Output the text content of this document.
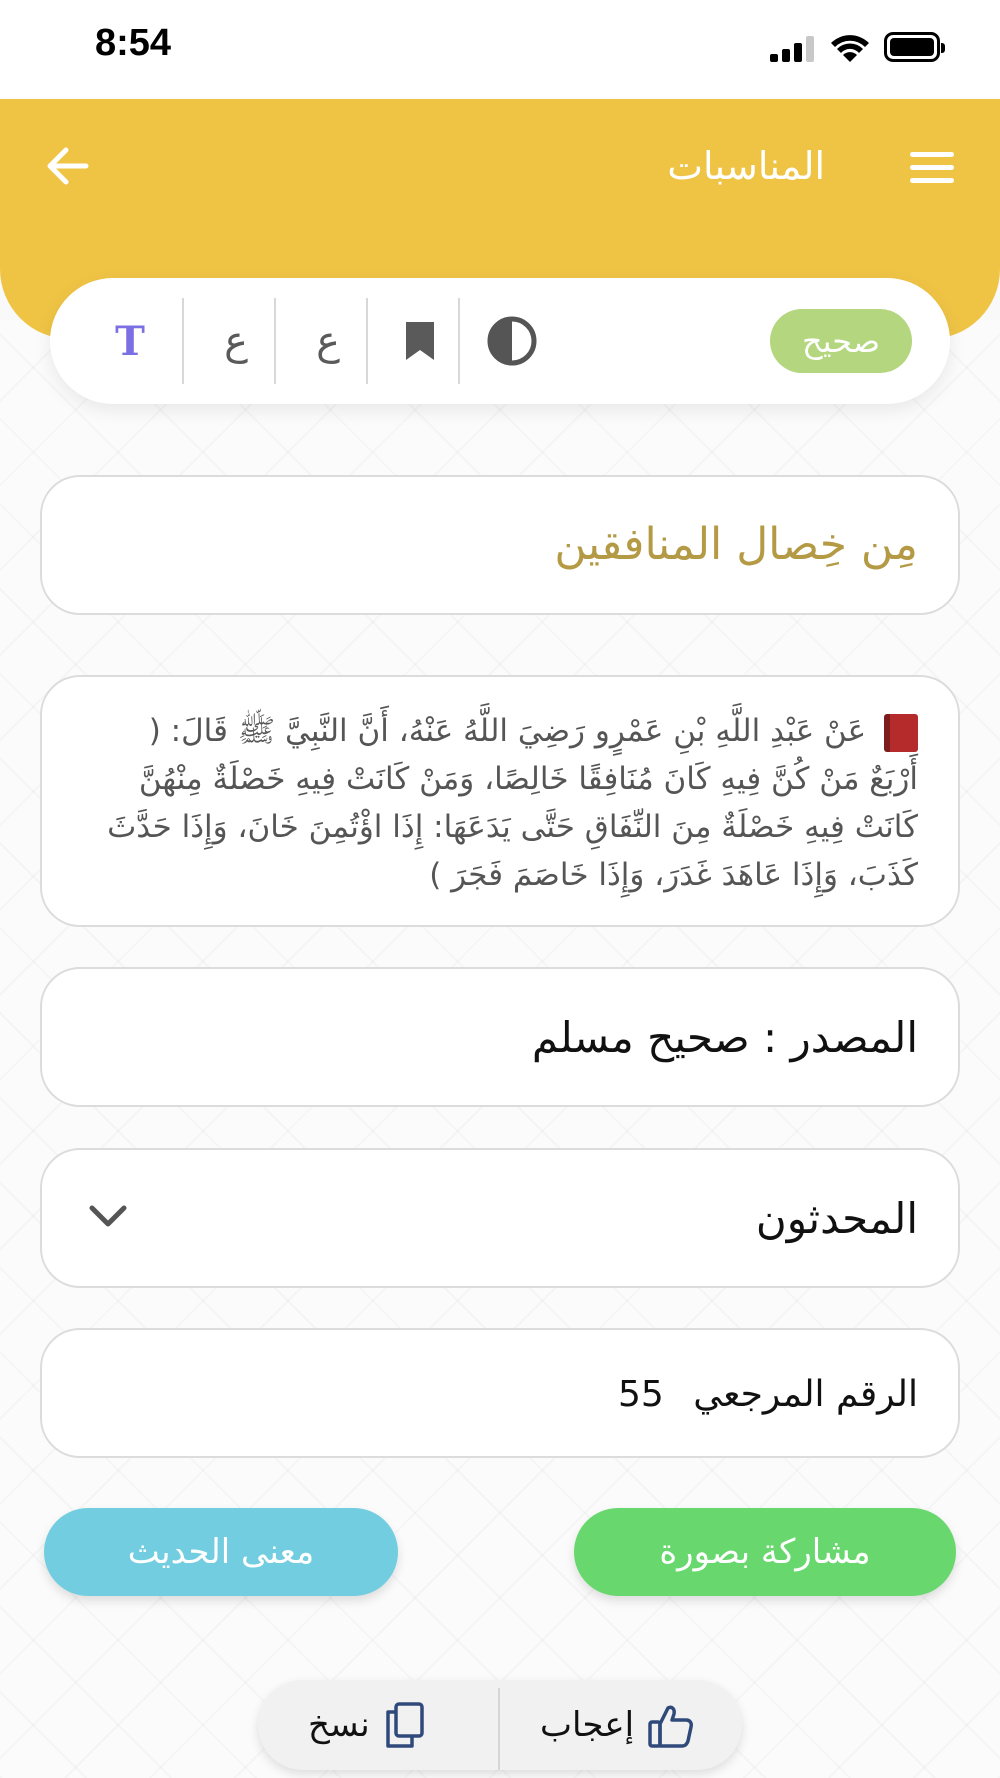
8:54
المناسبات
T ع ع	صحيح
مِن خِصال المنافقين
عَنْ عَبْدِ اللَّهِ بْنِ عَمْرٍو رَضِيَ اللَّهُ عَنْهُ، أَنَّ النَّبِيَّ ﷺ قَالَ: ( أَرْبَعٌ مَنْ كُنَّ فِيهِ كَانَ مُنَافِقًا خَالِصًا، وَمَنْ كَانَتْ فِيهِ خَصْلَةٌ مِنْهُنَّ كَانَتْ فِيهِ خَصْلَةٌ مِنَ النِّفَاقِ حَتَّى يَدَعَهَا: إِذَا اؤْتُمِنَ خَانَ، وَإِذَا حَدَّثَ كَذَبَ، وَإِذَا عَاهَدَ غَدَرَ، وَإِذَا خَاصَمَ فَجَرَ )
المصدر : صحيح مسلم
المحدثون
الرقم المرجعي 55
معنى الحديث	مشاركة بصورة
نسخ	إعجاب
